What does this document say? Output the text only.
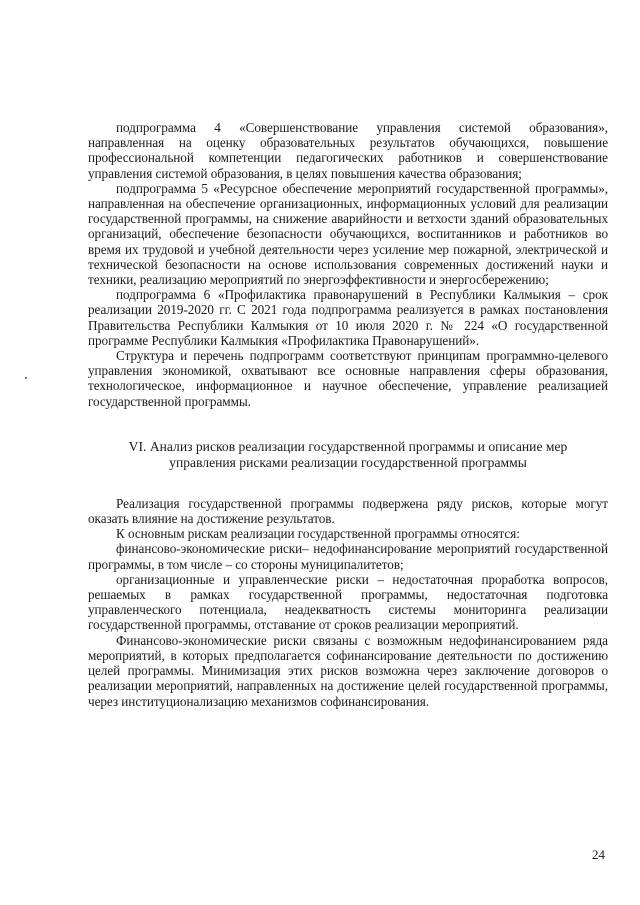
подпрограмма 4 «Совершенствование управления системой образования», направленная на оценку образовательных результатов обучающихся, повышение профессиональной компетенции педагогических работников и совершенствование управления системой образования, в целях повышения качества образования;

подпрограмма 5 «Ресурсное обеспечение мероприятий государственной программы», направленная на обеспечение организационных, информационных условий для реализации государственной программы, на снижение аварийности и ветхости зданий образовательных организаций, обеспечение безопасности обучающихся, воспитанников и работников во время их трудовой и учебной деятельности через усиление мер пожарной, электрической и технической безопасности на основе использования современных достижений науки и техники, реализацию мероприятий по энергоэффективности и энергосбережению;

подпрограмма 6 «Профилактика правонарушений в Республики Калмыкия – срок реализации 2019-2020 гг. С 2021 года подпрограмма реализуется в рамках постановления Правительства Республики Калмыкия от 10 июля 2020 г. № 224 «О государственной программе Республики Калмыкия «Профилактика Правонарушений».

Структура и перечень подпрограмм соответствуют принципам программно-целевого управления экономикой, охватывают все основные направления сферы образования, технологическое, информационное и научное обеспечение, управление реализацией государственной программы.

VI. Анализ рисков реализации государственной программы и описание мер
управления рисками реализации государственной программы

Реализация государственной программы подвержена ряду рисков, которые могут оказать влияние на достижение результатов.

К основным рискам реализации государственной программы относятся:

финансово-экономические риски– недофинансирование мероприятий государственной программы, в том числе – со стороны муниципалитетов;

организационные и управленческие риски – недостаточная проработка вопросов, решаемых в рамках государственной программы, недостаточная подготовка управленческого потенциала, неадекватность системы мониторинга реализации государственной программы, отставание от сроков реализации мероприятий.

Финансово-экономические риски связаны с возможным недофинансированием ряда мероприятий, в которых предполагается софинансирование деятельности по достижению целей программы. Минимизация этих рисков возможна через заключение договоров о реализации мероприятий, направленных на достижение целей государственной программы, через институционализацию механизмов софинансирования.

24
